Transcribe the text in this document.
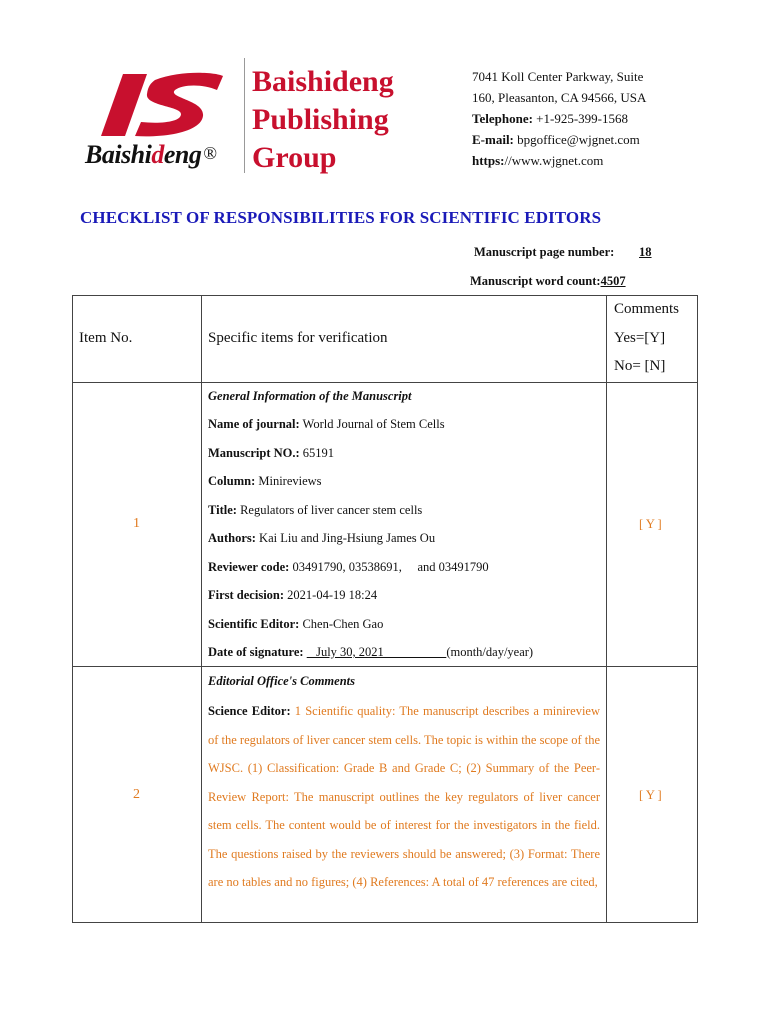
Baishideng ®
Baishideng
Publishing
Group
7041 Koll Center Parkway, Suite
160, Pleasanton, CA 94566, USA
Telephone: +1-925-399-1568
E-mail: bpgoffice@wjgnet.com
https://www.wjgnet.com
CHECKLIST OF RESPONSIBILITIES FOR SCIENTIFIC EDITORS
Manuscript page number: 18
Manuscript word count:4507
Item No.	Specific items for verification
Comments
Yes=[Y]
No= [N]
1
General Information of the Manuscript
Name of journal: World Journal of Stem Cells
Manuscript NO.: 65191
Column: Minireviews
Title: Regulators of liver cancer stem cells
Authors: Kai Liu and Jing-Hsiung James Ou
Reviewer code: 03491790, 03538691,     and 03491790
First decision: 2021-04-19 18:24
Scientific Editor: Chen-Chen Gao
Date of signature:    July 30, 2021                    (month/day/year)
[ Y ]
2
Editorial Office's Comments
Science Editor: 1 Scientific quality: The manuscript describes a minireview of the regulators of liver cancer stem cells. The topic is within the scope of the WJSC. (1) Classification: Grade B and Grade C; (2) Summary of the Peer-Review Report: The manuscript outlines the key regulators of liver cancer stem cells. The content would be of interest for the investigators in the field. The questions raised by the reviewers should be answered; (3) Format: There are no tables and no figures; (4) References: A total of 47 references are cited,
[ Y ]
